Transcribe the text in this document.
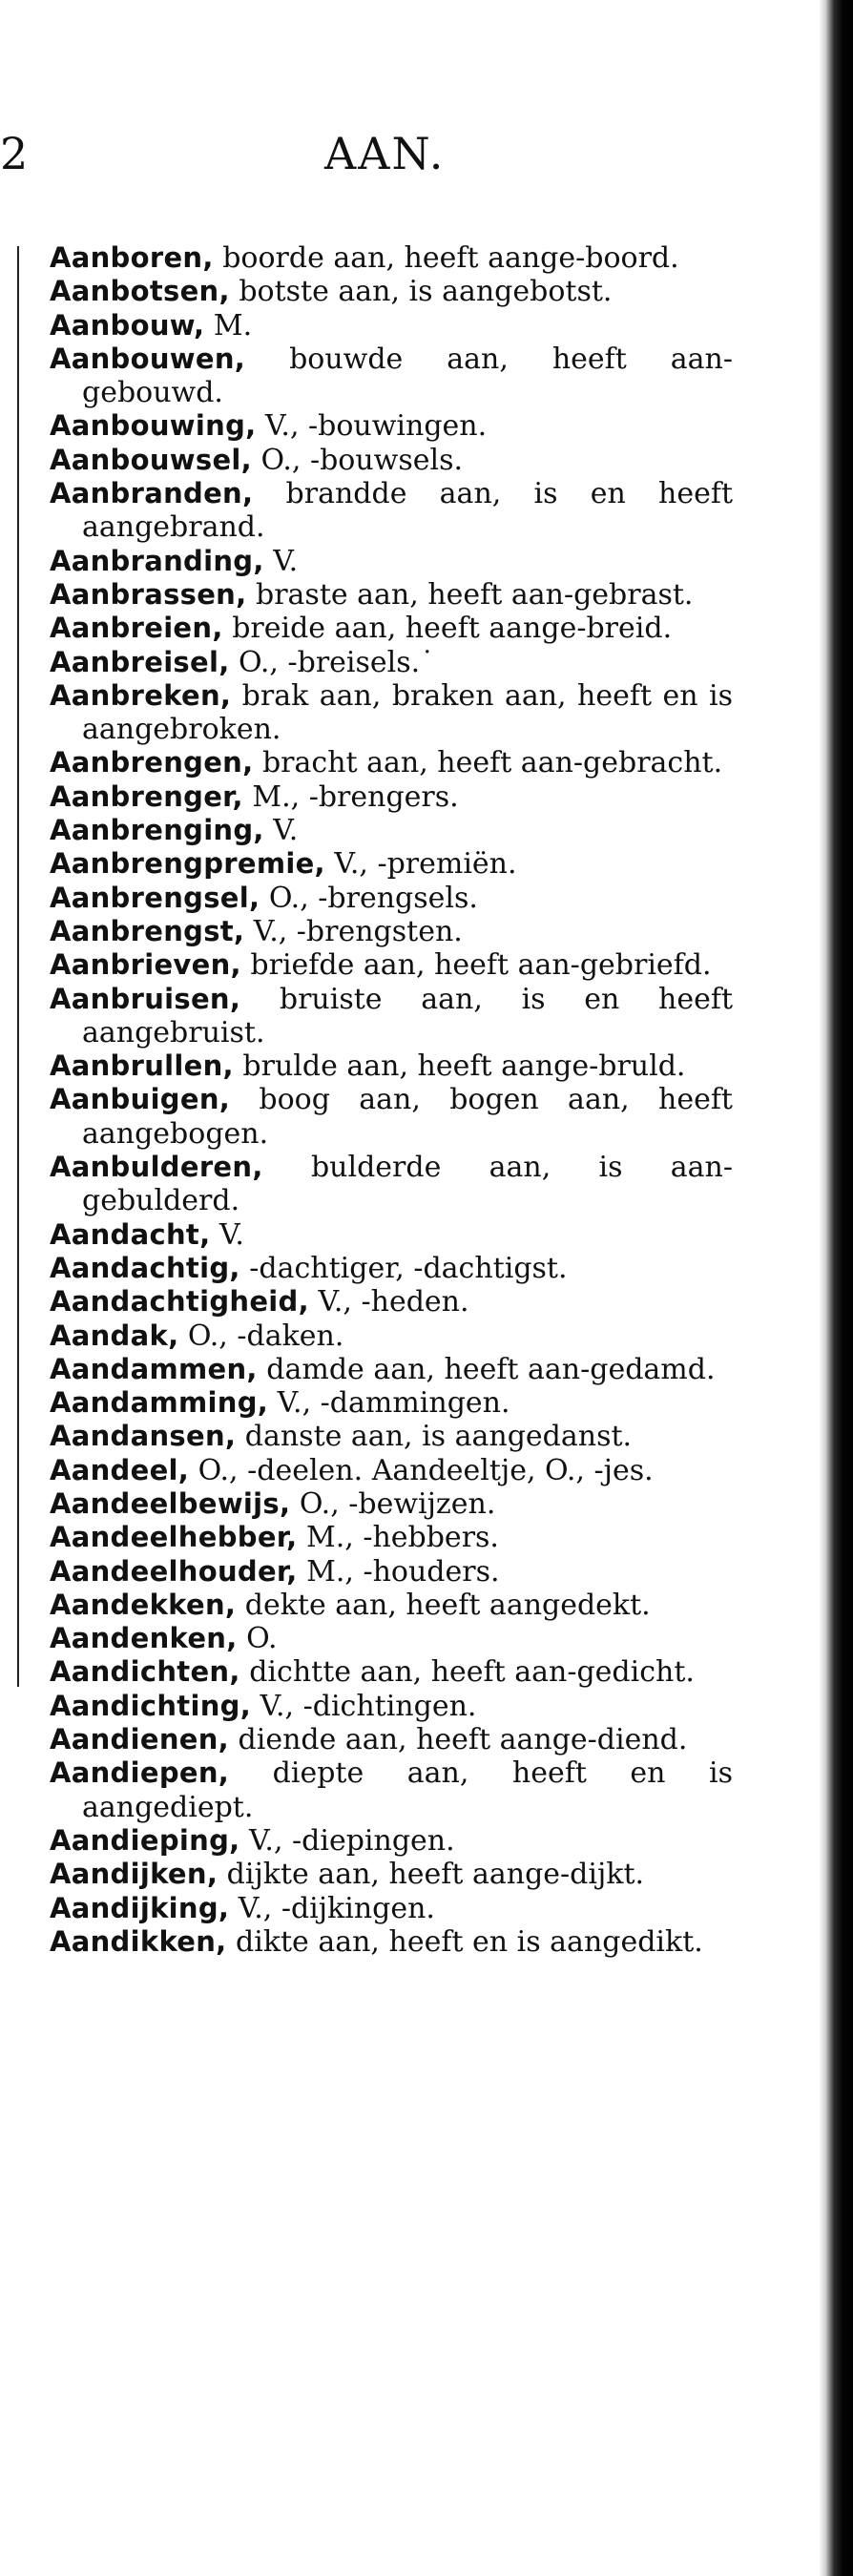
2	AAN.
Aanboren, boorde aan, heeft aange-boord.
Aanbotsen, botste aan, is aangebotst.
Aanbouw, M.
Aanbouwen, bouwde aan, heeft aan-gebouwd.
Aanbouwing, V., -bouwingen.
Aanbouwsel, O., -bouwsels.
Aanbranden, brandde aan, is en heeft aangebrand.
Aanbranding, V.
Aanbrassen, braste aan, heeft aan-gebrast.
Aanbreien, breide aan, heeft aange-breid.
Aanbreisel, O., -breisels.˙
Aanbreken, brak aan, braken aan, heeft en is aangebroken.
Aanbrengen, bracht aan, heeft aan-gebracht.
Aanbrenger, M., -brengers.
Aanbrenging, V.
Aanbrengpremie, V., -premiën.
Aanbrengsel, O., -brengsels.
Aanbrengst, V., -brengsten.
Aanbrieven, briefde aan, heeft aan-gebriefd.
Aanbruisen, bruiste aan, is en heeft aangebruist.
Aanbrullen, brulde aan, heeft aange-bruld.
Aanbuigen, boog aan, bogen aan, heeft aangebogen.
Aanbulderen, bulderde aan, is aan-gebulderd.
Aandacht, V.
Aandachtig, -dachtiger, -dachtigst.
Aandachtigheid, V., -heden.
Aandak, O., -daken.
Aandammen, damde aan, heeft aan-gedamd.
Aandamming, V., -dammingen.
Aandansen, danste aan, is aangedanst.
Aandeel, O., -deelen. Aandeeltje, O., -jes.
Aandeelbewijs, O., -bewijzen.
Aandeelhebber, M., -hebbers.
Aandeelhouder, M., -houders.
Aandekken, dekte aan, heeft aangedekt.
Aandenken, O.
Aandichten, dichtte aan, heeft aan-gedicht.
Aandichting, V., -dichtingen.
Aandienen, diende aan, heeft aange-diend.
Aandiepen, diepte aan, heeft en is aangediept.
Aandieping, V., -diepingen.
Aandijken, dijkte aan, heeft aange-dijkt.
Aandijking, V., -dijkingen.
Aandikken, dikte aan, heeft en is aangedikt.
